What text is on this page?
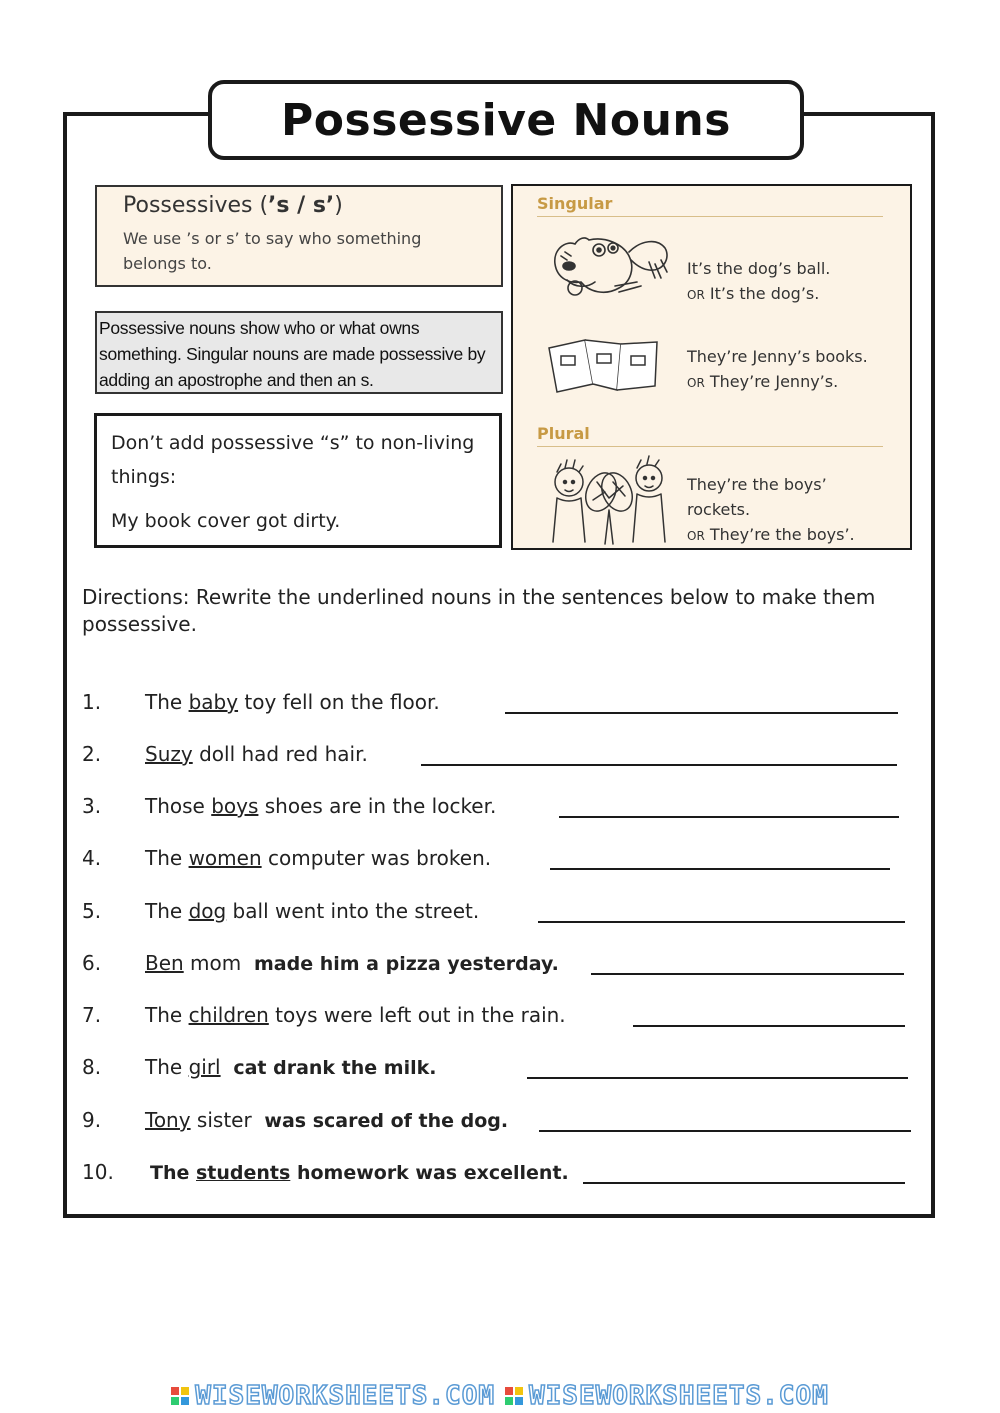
Possessive Nouns
Possessives (’s / s’)
We use ’s or s’ to say who something belongs to.
Possessive nouns show who or what owns something. Singular nouns are made possessive by adding an apostrophe and then an s.
Don’t add possessive “s” to non-living things:
My book cover got dirty.
Singular
It’s the dog’s ball.
OR It’s the dog’s.
They’re Jenny’s books.
OR They’re Jenny’s.
Plural
They’re the boys’
rockets.
OR They’re the boys’.
Directions: Rewrite the underlined nouns in the sentences below to make them possessive.
1. The baby toy fell on the floor.
2. Suzy doll had red hair.
3. Those boys shoes are in the locker.
4. The women computer was broken.
5. The dog ball went into the street.
6. Ben mom  made him a pizza yesterday.
7. The children toys were left out in the rain.
8. The girl cat drank the milk.
9. Tony sister  was scared of the dog.
10. The students homework was excellent.
WISEWORKSHEETS.COM WISEWORKSHEETS.COM
